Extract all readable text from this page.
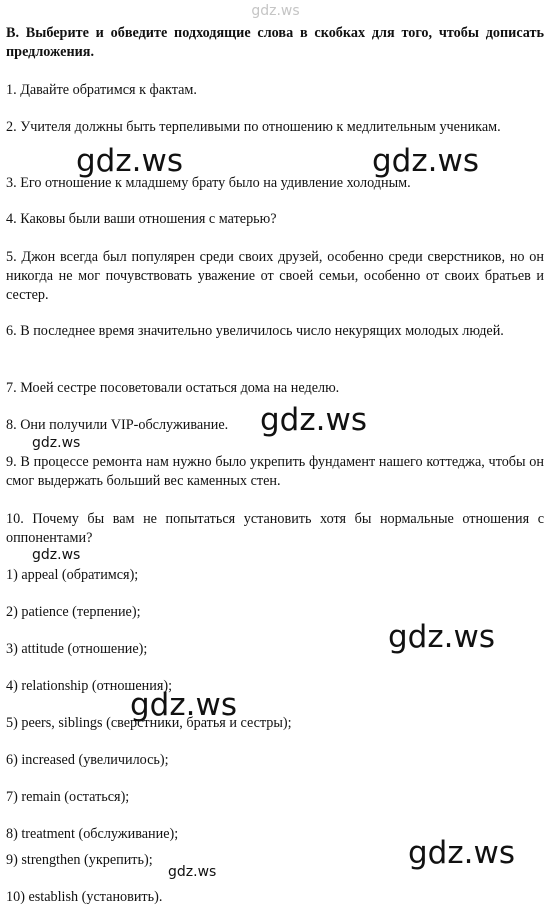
gdz.ws
B. Выберите и обведите подходящие слова в скобках для того, чтобы дописать предложения.
1. Давайте обратимся к фактам.
2. Учителя должны быть терпеливыми по отношению к медлительным ученикам.
3. Его отношение к младшему брату было на удивление холодным.
4. Каковы были ваши отношения с матерью?
5. Джон всегда был популярен среди своих друзей, особенно среди сверстников, но он никогда не мог почувствовать уважение от своей семьи, особенно от своих братьев и сестер.
6. В последнее время значительно увеличилось число некурящих молодых людей.
7. Моей сестре посоветовали остаться дома на неделю.
8. Они получили VIP-обслуживание.
9. В процессе ремонта нам нужно было укрепить фундамент нашего коттеджа, чтобы он смог выдержать больший вес каменных стен.
10. Почему бы вам не попытаться установить хотя бы нормальные отношения с оппонентами?
1) appeal (обратимся);
2) patience (терпение);
3) attitude (отношение);
4) relationship (отношения);
5) peers, siblings (сверстники, братья и сестры);
6) increased (увеличилось);
7) remain (остаться);
8) treatment (обслуживание);
9) strengthen (укрепить);
10) establish (установить).
gdz.ws	gdz.ws
gdz.ws
gdz.ws
gdz.ws
gdz.ws
gdz.ws
gdz.ws
gdz.ws
